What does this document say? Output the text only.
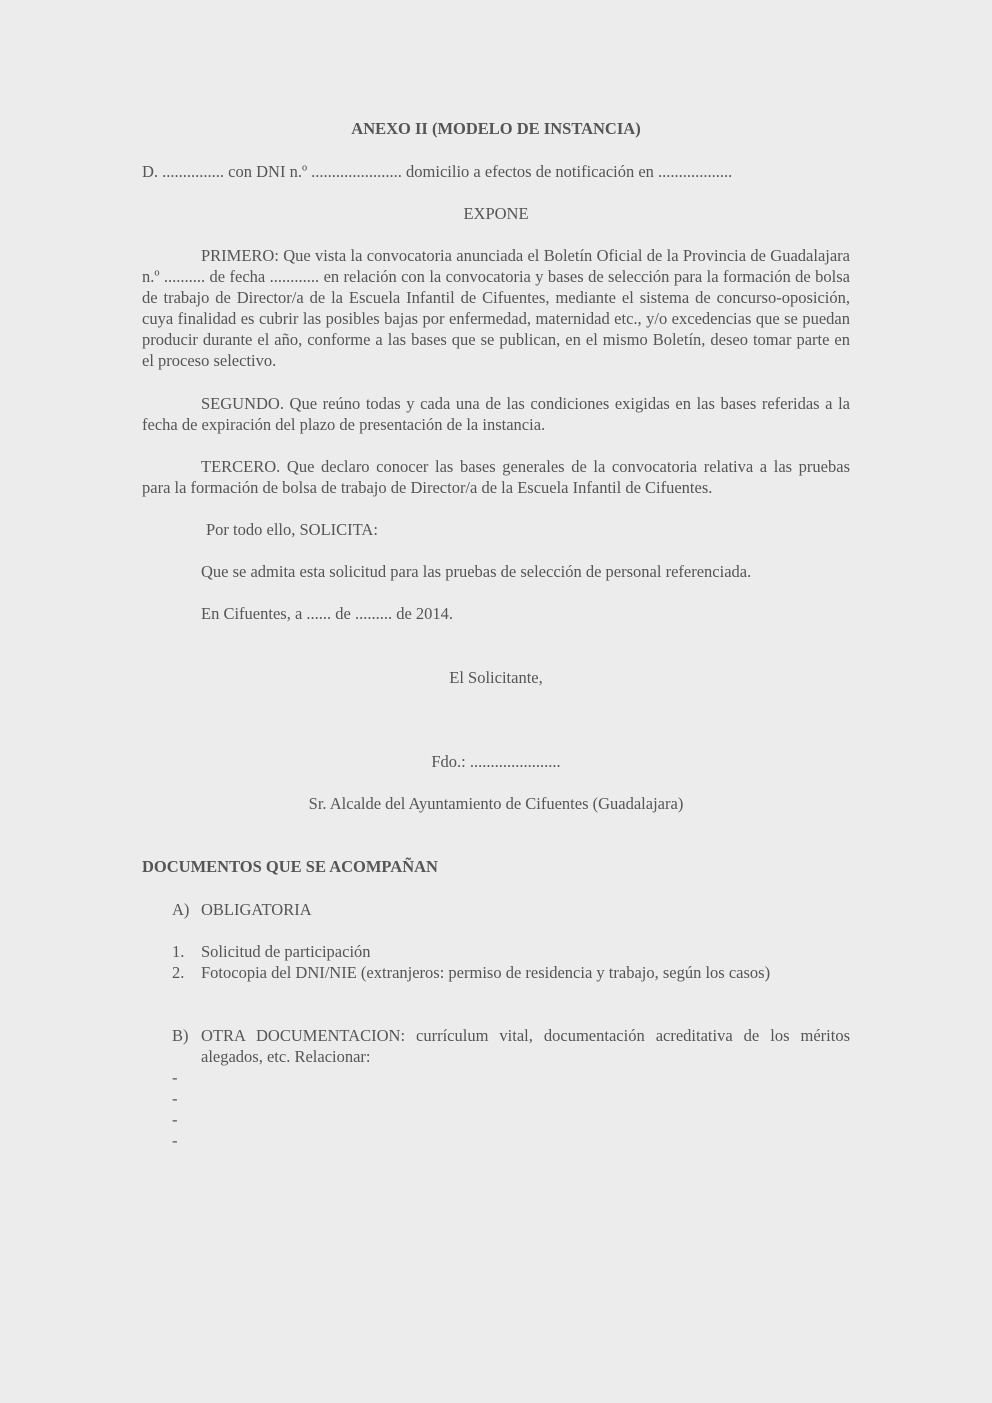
ANEXO II (MODELO DE INSTANCIA)

D. ............... con DNI n.º ...................... domicilio a efectos de notificación en ..................

EXPONE

PRIMERO: Que vista la convocatoria anunciada el Boletín Oficial de la Provincia de Guadalajara n.º .......... de fecha ............ en relación con la convocatoria y bases de selección para la formación de bolsa de trabajo de Director/a de la Escuela Infantil de Cifuentes, mediante el sistema de concurso-oposición, cuya finalidad es cubrir las posibles bajas por enfermedad, maternidad etc., y/o excedencias que se puedan producir durante el año, conforme a las bases que se publican, en el mismo Boletín, deseo tomar parte en el proceso selectivo.

SEGUNDO. Que reúno todas y cada una de las condiciones exigidas en las bases referidas a la fecha de expiración del plazo de presentación de la instancia.

TERCERO. Que declaro conocer las bases generales de la convocatoria relativa a las pruebas para la formación de bolsa de trabajo de Director/a de la Escuela Infantil de Cifuentes.

Por todo ello, SOLICITA:

Que se admita esta solicitud para las pruebas de selección de personal referenciada.

En Cifuentes, a ...... de ......... de 2014.

El Solicitante,

Fdo.: ......................

Sr. Alcalde del Ayuntamiento de Cifuentes (Guadalajara)

DOCUMENTOS QUE SE ACOMPAÑAN

A) OBLIGATORIA
1. Solicitud de participación
2. Fotocopia del DNI/NIE (extranjeros: permiso de residencia y trabajo, según los casos)
B) OTRA DOCUMENTACION: currículum vital, documentación acreditativa de los méritos alegados, etc. Relacionar:

-
-
-
-
